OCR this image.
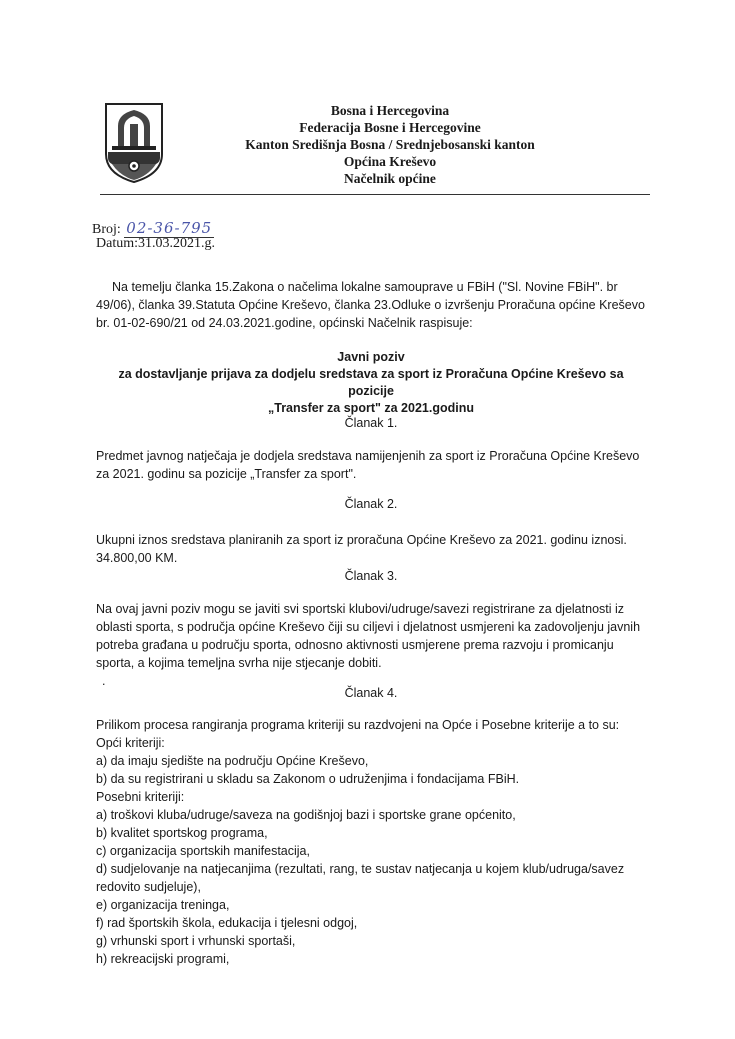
Bosna i Hercegovina
Federacija Bosne i Hercegovine
Kanton Središnja Bosna / Srednjebosanski kanton
Općina Kreševo
Načelnik općine
Broj: 02-36-795
Datum:31.03.2021.g.
Na temelju članka 15.Zakona o načelima lokalne samouprave u FBiH ("Sl. Novine FBiH". br 49/06), članka 39.Statuta Općine Kreševo, članka 23.Odluke o izvršenju Proračuna općine Kreševo br. 01-02-690/21 od 24.03.2021.godine, općinski Načelnik raspisuje:
Javni poziv
za dostavljanje prijava za dodjelu sredstava za sport iz Proračuna Općine Kreševo sa pozicije
„Transfer za sport" za 2021.godinu
Članak 1.
Predmet javnog natječaja je dodjela sredstava namijenjenih za sport iz Proračuna Općine Kreševo za 2021. godinu sa pozicije „Transfer za sport".
Članak 2.
Ukupni iznos sredstava planiranih za sport iz proračuna Općine Kreševo za 2021. godinu iznosi. 34.800,00 KM.
Članak 3.
Na ovaj javni poziv mogu se javiti svi sportski klubovi/udruge/savezi registrirane za djelatnosti iz oblasti sporta, s područja općine Kreševo čiji su ciljevi i djelatnost usmjereni ka zadovoljenju javnih potreba građana u području sporta, odnosno aktivnosti usmjerene prema razvoju i promicanju sporta, a kojima temeljna svrha nije stjecanje dobiti.
.
Članak 4.
Prilikom procesa rangiranja programa kriteriji su razdvojeni na Opće i Posebne kriterije a to su:
Opći kriteriji:
a) da imaju sjedište na području Općine Kreševo,
b) da su registrirani u skladu sa Zakonom o udruženjima i fondacijama FBiH.
Posebni kriteriji:
a) troškovi kluba/udruge/saveza na godišnjoj bazi i sportske grane općenito,
b) kvalitet sportskog programa,
c) organizacija sportskih manifestacija,
d) sudjelovanje na natjecanjima (rezultati, rang, te sustav natjecanja u kojem klub/udruga/savez redovito sudjeluje),
e) organizacija treninga,
f) rad športskih škola, edukacija i tjelesni odgoj,
g) vrhunski sport i vrhunski sportaši,
h) rekreacijski programi,
